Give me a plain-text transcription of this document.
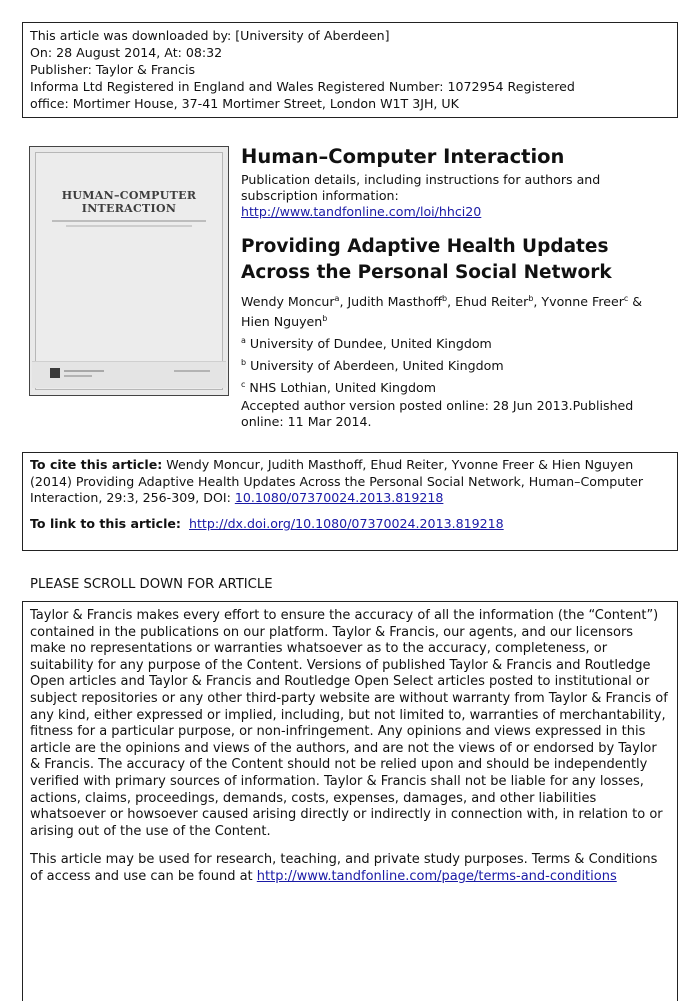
This article was downloaded by: [University of Aberdeen]
On: 28 August 2014, At: 08:32
Publisher: Taylor & Francis
Informa Ltd Registered in England and Wales Registered Number: 1072954 Registered
office: Mortimer House, 37-41 Mortimer Street, London W1T 3JH, UK
HUMAN–COMPUTER
INTERACTION
Human–Computer Interaction
Publication details, including instructions for authors and subscription information:
http://www.tandfonline.com/loi/hhci20
Providing Adaptive Health Updates
Across the Personal Social Network
Wendy Moncur$^a$, Judith Masthoff$^b$, Ehud Reiter$^b$, Yvonne Freer$^c$ & Hien Nguyen$^b$
$^a$ University of Dundee, United Kingdom
$^b$ University of Aberdeen, United Kingdom
$^c$ NHS Lothian, United Kingdom
Accepted author version posted online: 28 Jun 2013.Published online: 11 Mar 2014.
To cite this article: Wendy Moncur, Judith Masthoff, Ehud Reiter, Yvonne Freer & Hien Nguyen (2014) Providing Adaptive Health Updates Across the Personal Social Network, Human–Computer Interaction, 29:3, 256-309, DOI: 10.1080/07370024.2013.819218
To link to this article: http://dx.doi.org/10.1080/07370024.2013.819218
PLEASE SCROLL DOWN FOR ARTICLE

Taylor & Francis makes every effort to ensure the accuracy of all the information (the “Content”) contained in the publications on our platform. Taylor & Francis, our agents, and our licensors make no representations or warranties whatsoever as to the accuracy, completeness, or suitability for any purpose of the Content. Versions of published Taylor & Francis and Routledge Open articles and Taylor & Francis and Routledge Open Select articles posted to institutional or subject repositories or any other third-party website are without warranty from Taylor & Francis of any kind, either expressed or implied, including, but not limited to, warranties of merchantability, fitness for a particular purpose, or non-infringement. Any opinions and views expressed in this article are the opinions and views of the authors, and are not the views of or endorsed by Taylor & Francis. The accuracy of the Content should not be relied upon and should be independently verified with primary sources of information. Taylor & Francis shall not be liable for any losses, actions, claims, proceedings, demands, costs, expenses, damages, and other liabilities whatsoever or howsoever caused arising directly or indirectly in connection with, in relation to or arising out of the use of the Content.

This article may be used for research, teaching, and private study purposes. Terms & Conditions of access and use can be found at http://www.tandfonline.com/page/terms-and-conditions
